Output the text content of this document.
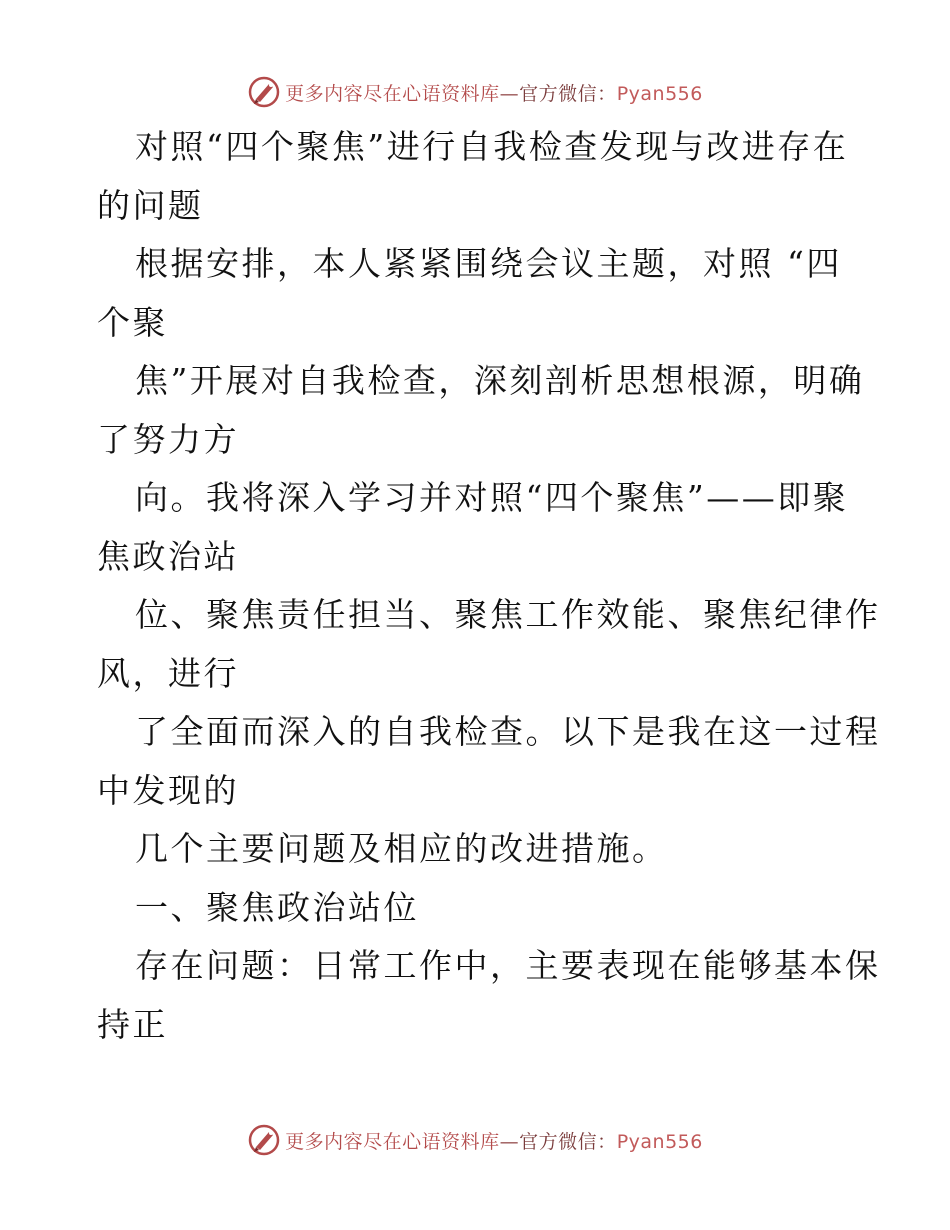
更多内容尽在心语资料库—官方微信：Pyan556
对照“四个聚焦”进行自我检查发现与改进存在
的问题
根据安排，本人紧紧围绕会议主题，对照 “四
个聚
焦”开展对自我检查，深刻剖析思想根源，明确
了努力方
向。我将深入学习并对照“四个聚焦”——即聚
焦政治站
位、聚焦责任担当、聚焦工作效能、聚焦纪律作
风，进行
了全面而深入的自我检查。以下是我在这一过程
中发现的
几个主要问题及相应的改进措施。
一、聚焦政治站位
存在问题：日常工作中，主要表现在能够基本保
持正
更多内容尽在心语资料库—官方微信：Pyan556
